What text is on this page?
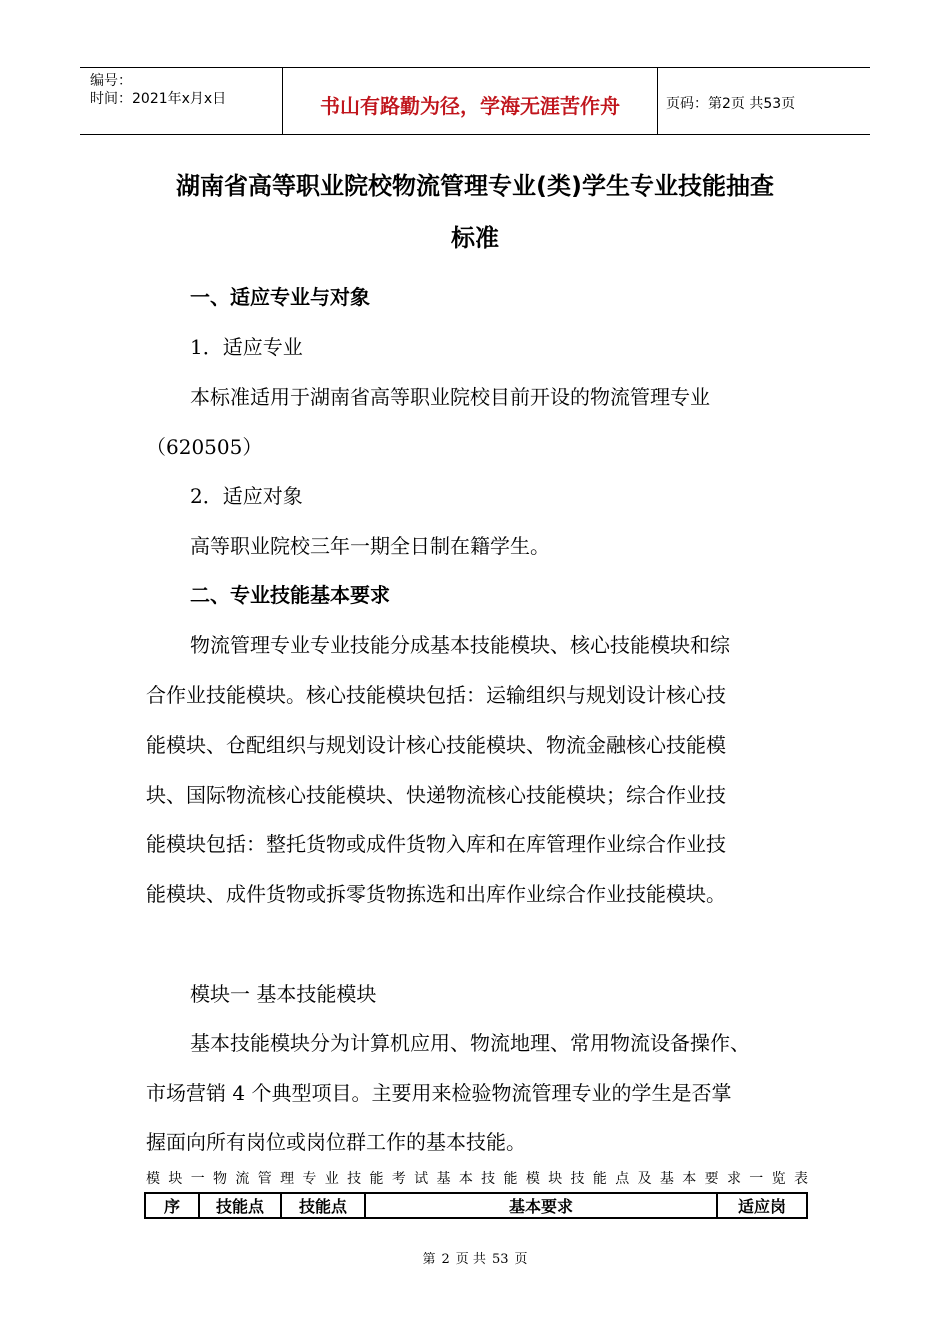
编号：
时间：2021年x月x日	书山有路勤为径，学海无涯苦作舟	页码：第2页 共53页
湖南省高等职业院校物流管理专业(类)学生专业技能抽查
标准
一、适应专业与对象
1．适应专业
本标准适用于湖南省高等职业院校目前开设的物流管理专业
（620505）
2．适应对象
高等职业院校三年一期全日制在籍学生。
二、专业技能基本要求
物流管理专业专业技能分成基本技能模块、核心技能模块和综
合作业技能模块。核心技能模块包括：运输组织与规划设计核心技
能模块、仓配组织与规划设计核心技能模块、物流金融核心技能模
块、国际物流核心技能模块、快递物流核心技能模块；综合作业技
能模块包括：整托货物或成件货物入库和在库管理作业综合作业技
能模块、成件货物或拆零货物拣选和出库作业综合作业技能模块。
模块一 基本技能模块
基本技能模块分为计算机应用、物流地理、常用物流设备操作、
市场营销 4 个典型项目。主要用来检验物流管理专业的学生是否掌
握面向所有岗位或岗位群工作的基本技能。
模块一物流管理专业技能考试基本技能模块技能点及基本要求一览表
序	技能点	技能点	基本要求	适应岗
第 2 页 共 53 页
